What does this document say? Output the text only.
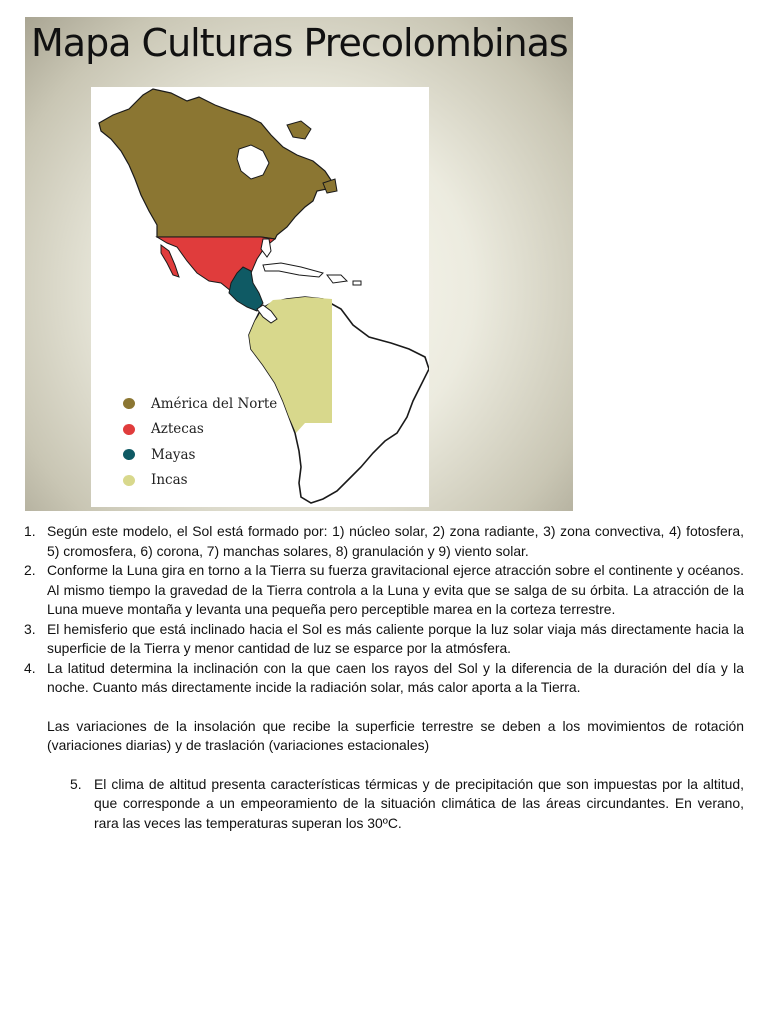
Mapa Culturas Precolombinas
América del Norte
Aztecas
Mayas
Incas
1. Según este modelo, el Sol está formado por: 1) núcleo solar, 2) zona radiante, 3) zona convectiva, 4) fotosfera, 5) cromosfera, 6) corona, 7) manchas solares, 8) granulación y 9) viento solar.
2. Conforme la Luna gira en torno a la Tierra su fuerza gravitacional ejerce atracción sobre el continente y océanos. Al mismo tiempo la gravedad de la Tierra controla a la Luna y evita que se salga de su órbita. La atracción de la Luna mueve montaña y levanta una pequeña pero perceptible marea en la corteza terrestre.
3. El hemisferio que está inclinado hacia el Sol es más caliente porque la luz solar viaja más directamente hacia la superficie de la Tierra y menor cantidad de luz se esparce por la atmósfera.
4. La latitud determina la inclinación con la que caen los rayos del Sol y la diferencia de la duración del día y la noche. Cuanto más directamente incide la radiación solar, más calor aporta a la Tierra.

Las variaciones de la insolación que recibe la superficie terrestre se deben a los movimientos de rotación (variaciones diarias) y de traslación (variaciones estacionales)

5. El clima de altitud presenta características térmicas y de precipitación que son impuestas por la altitud, que corresponde a un empeoramiento de la situación climática de las áreas circundantes. En verano, rara las veces las temperaturas superan los 30ºC.
